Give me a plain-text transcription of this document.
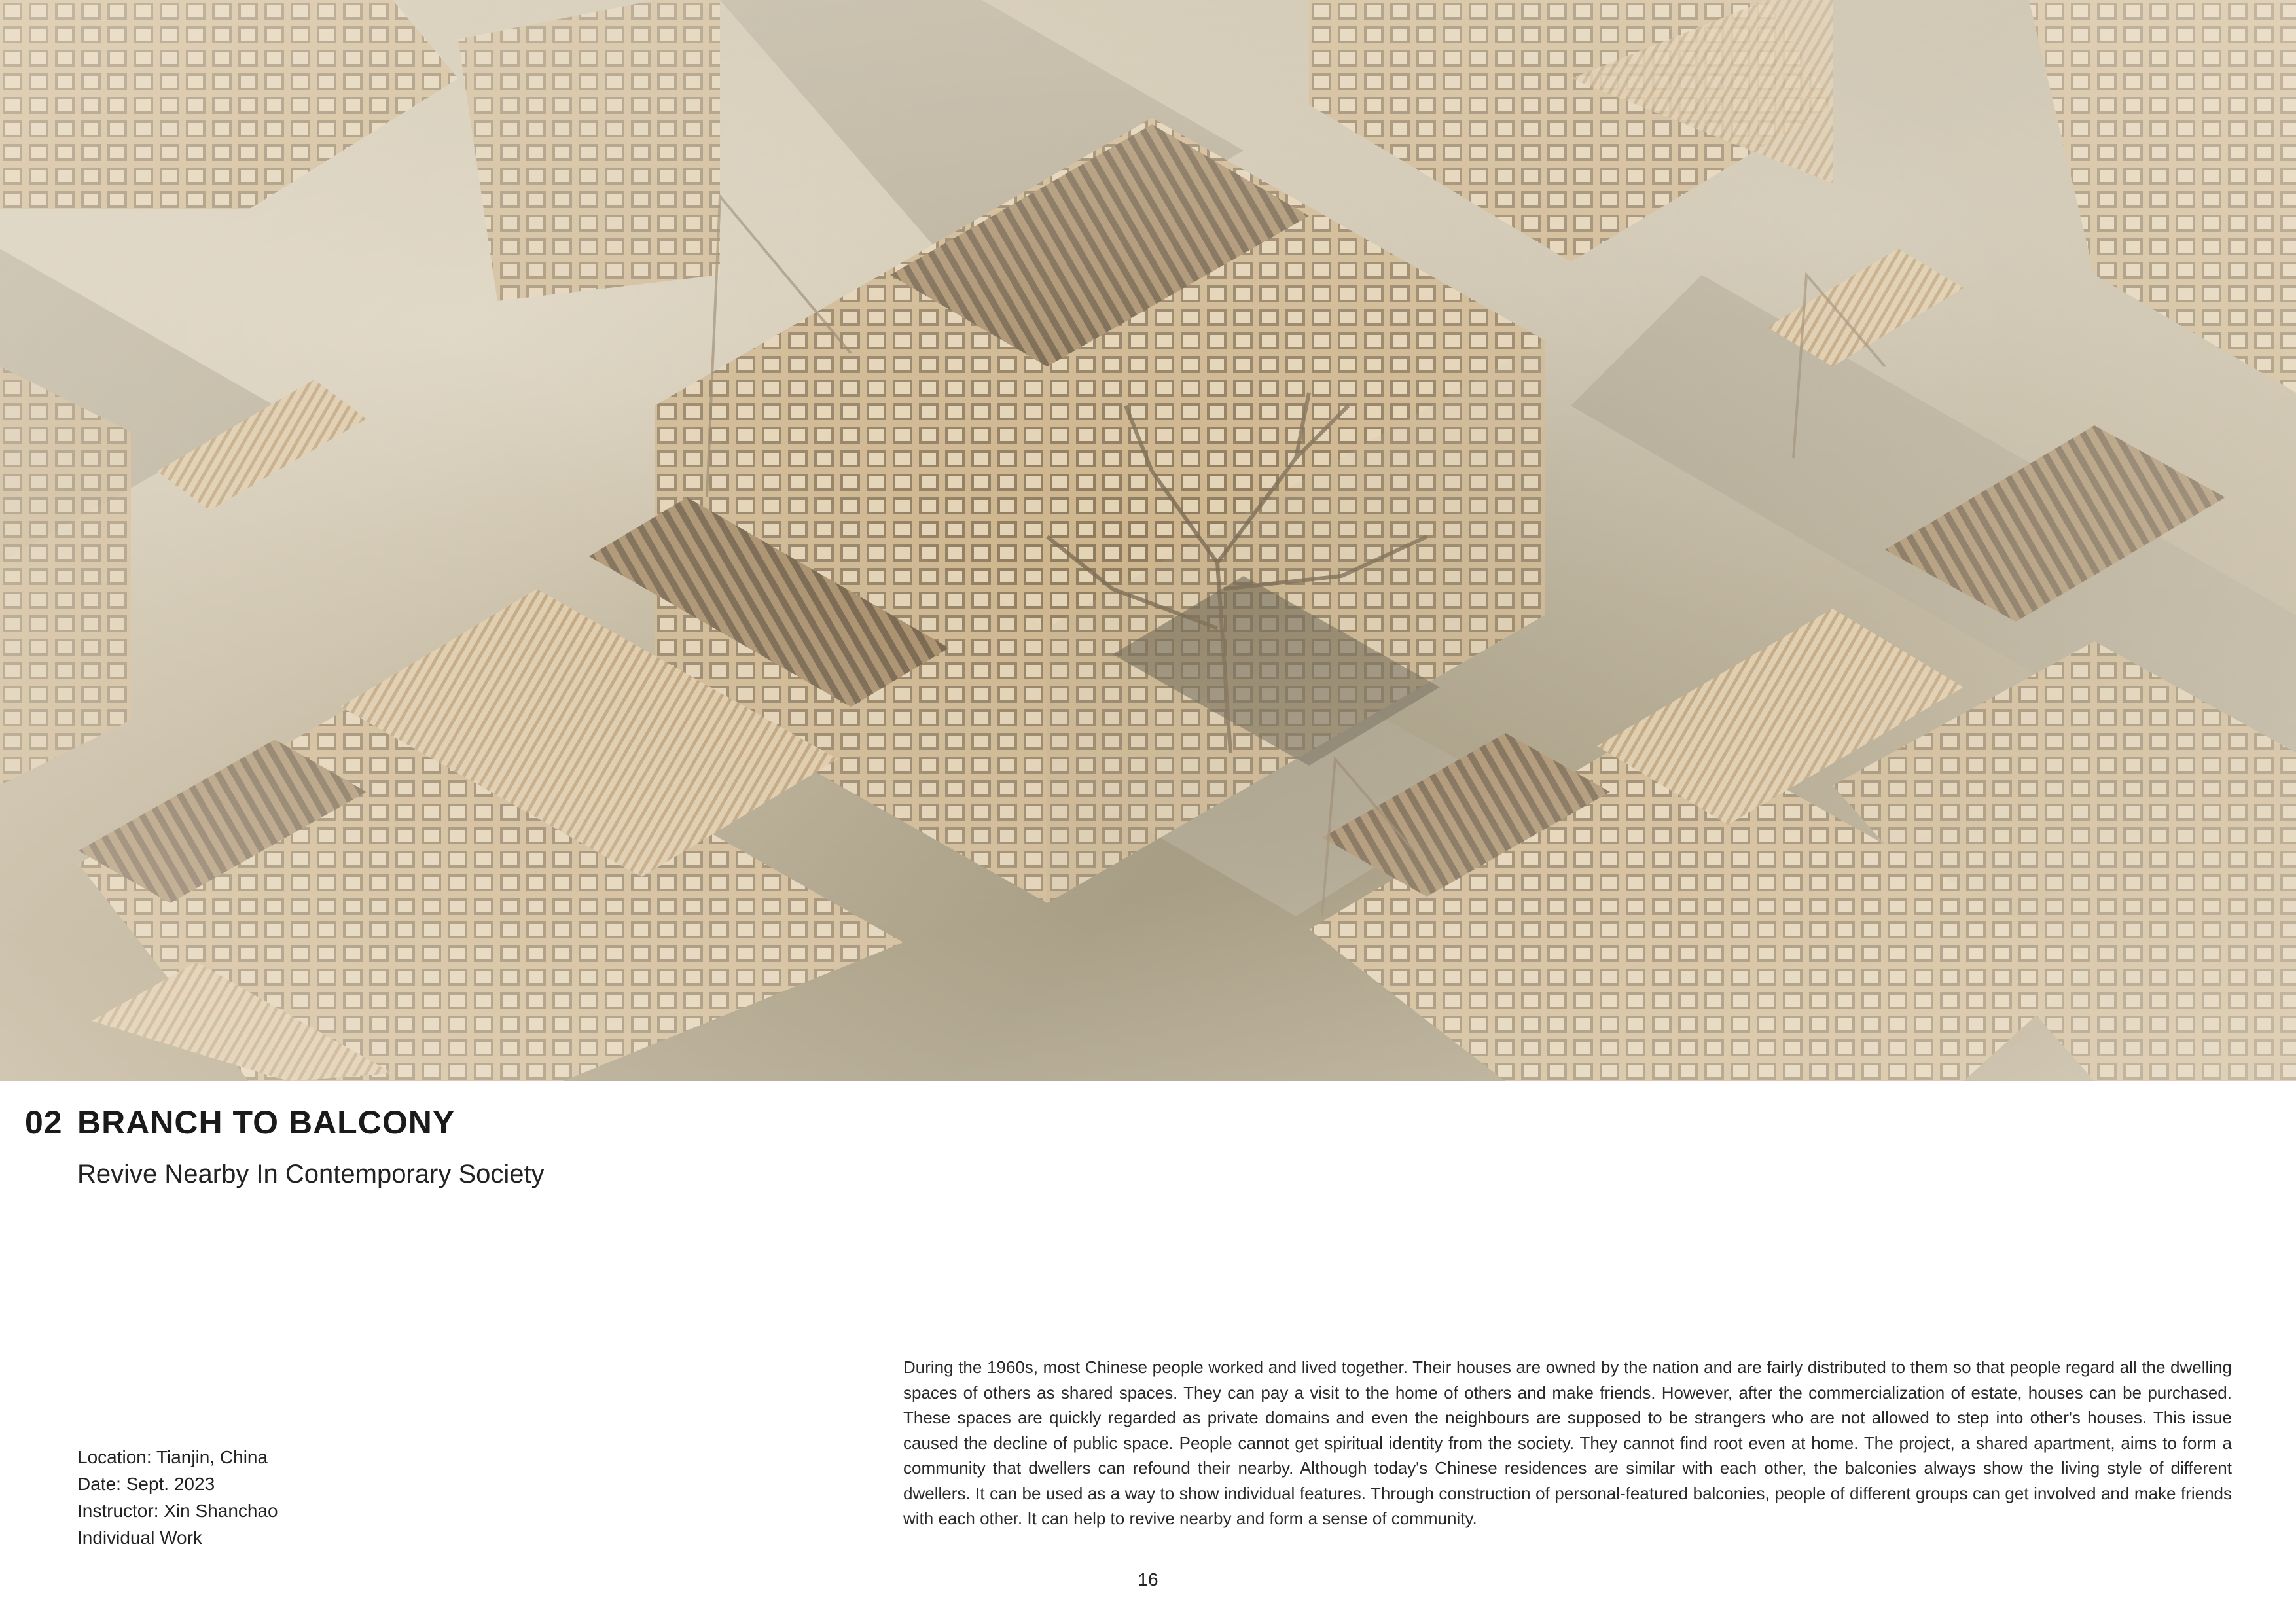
02 BRANCH TO BALCONY
Revive Nearby In Contemporary Society
Location: Tianjin, China
Date: Sept. 2023
Instructor: Xin Shanchao
Individual Work
During the 1960s, most Chinese people worked and lived together. Their houses are owned by the nation and are fairly distributed to them so that people regard all the dwelling spaces of others as shared spaces. They can pay a visit to the home of others and make friends. However, after the commercialization of estate, houses can be purchased. These spaces are quickly regarded as private domains and even the neighbours are supposed to be strangers who are not allowed to step into other's houses. This issue caused the decline of public space. People cannot get spiritual identity from the society. They cannot find root even at home. The project, a shared apartment, aims to form a community that dwellers can refound their nearby. Although today's Chinese residences are similar with each other, the balconies always show the living style of different dwellers. It can be used as a way to show individual features. Through construction of personal-featured balconies, people of different groups can get involved and make friends with each other. It can help to revive nearby and form a sense of community.
16
